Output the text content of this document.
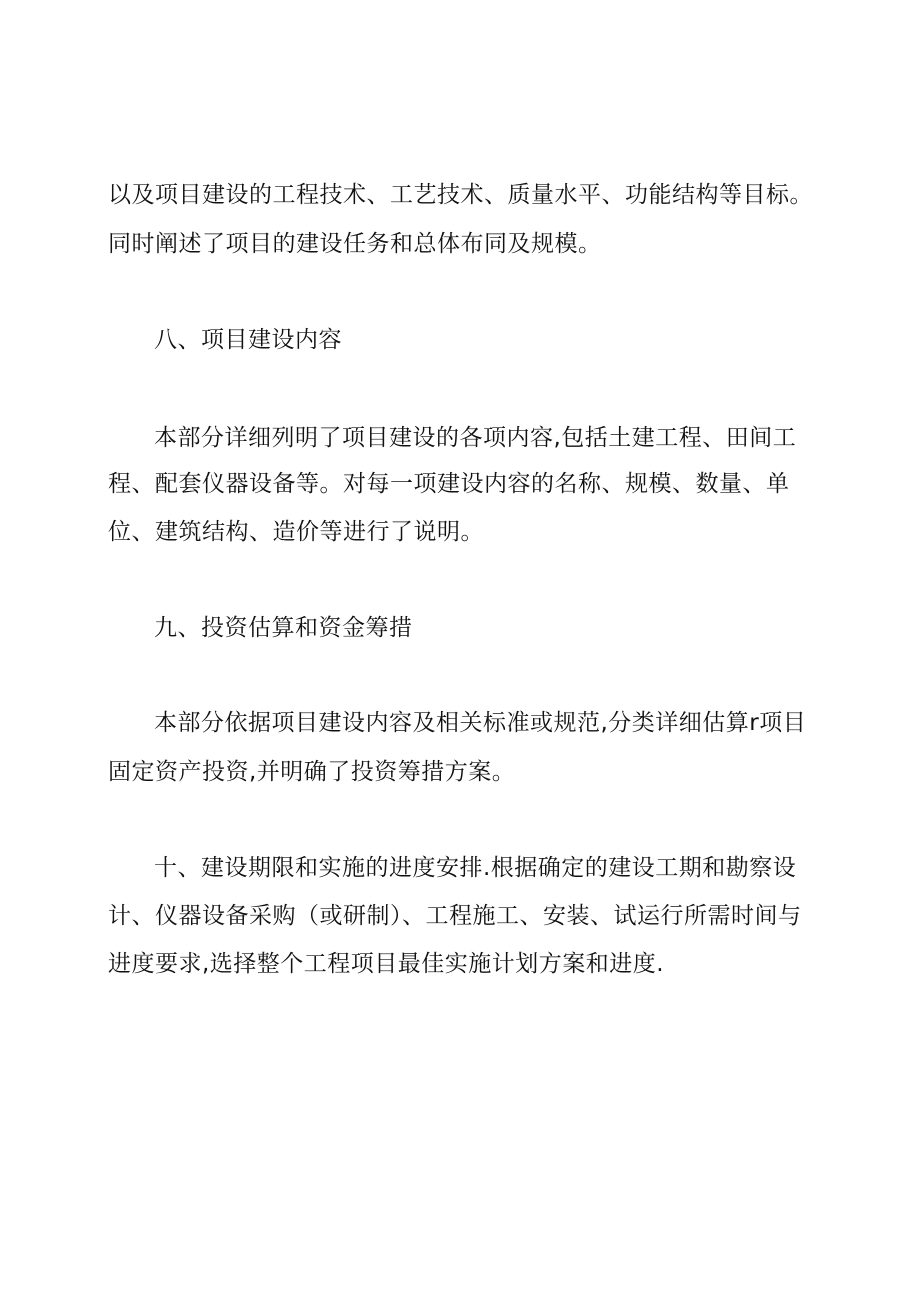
以及项目建设的工程技术、工艺技术、质量水平、功能结构等目标。
同时阐述了项目的建设任务和总体布同及规模。
八、项目建设内容
本部分详细列明了项目建设的各项内容,包括土建工程、田间工
程、配套仪器设备等。对每一项建设内容的名称、规模、数量、单
位、建筑结构、造价等进行了说明。
九、投资估算和资金筹措
本部分依据项目建设内容及相关标准或规范,分类详细估算r项目
固定资产投资,并明确了投资筹措方案。
十、建设期限和实施的进度安排.根据确定的建设工期和勘察设
计、仪器设备采购（或研制）、工程施工、安装、试运行所需时间与
进度要求,选择整个工程项目最佳实施计划方案和进度.
